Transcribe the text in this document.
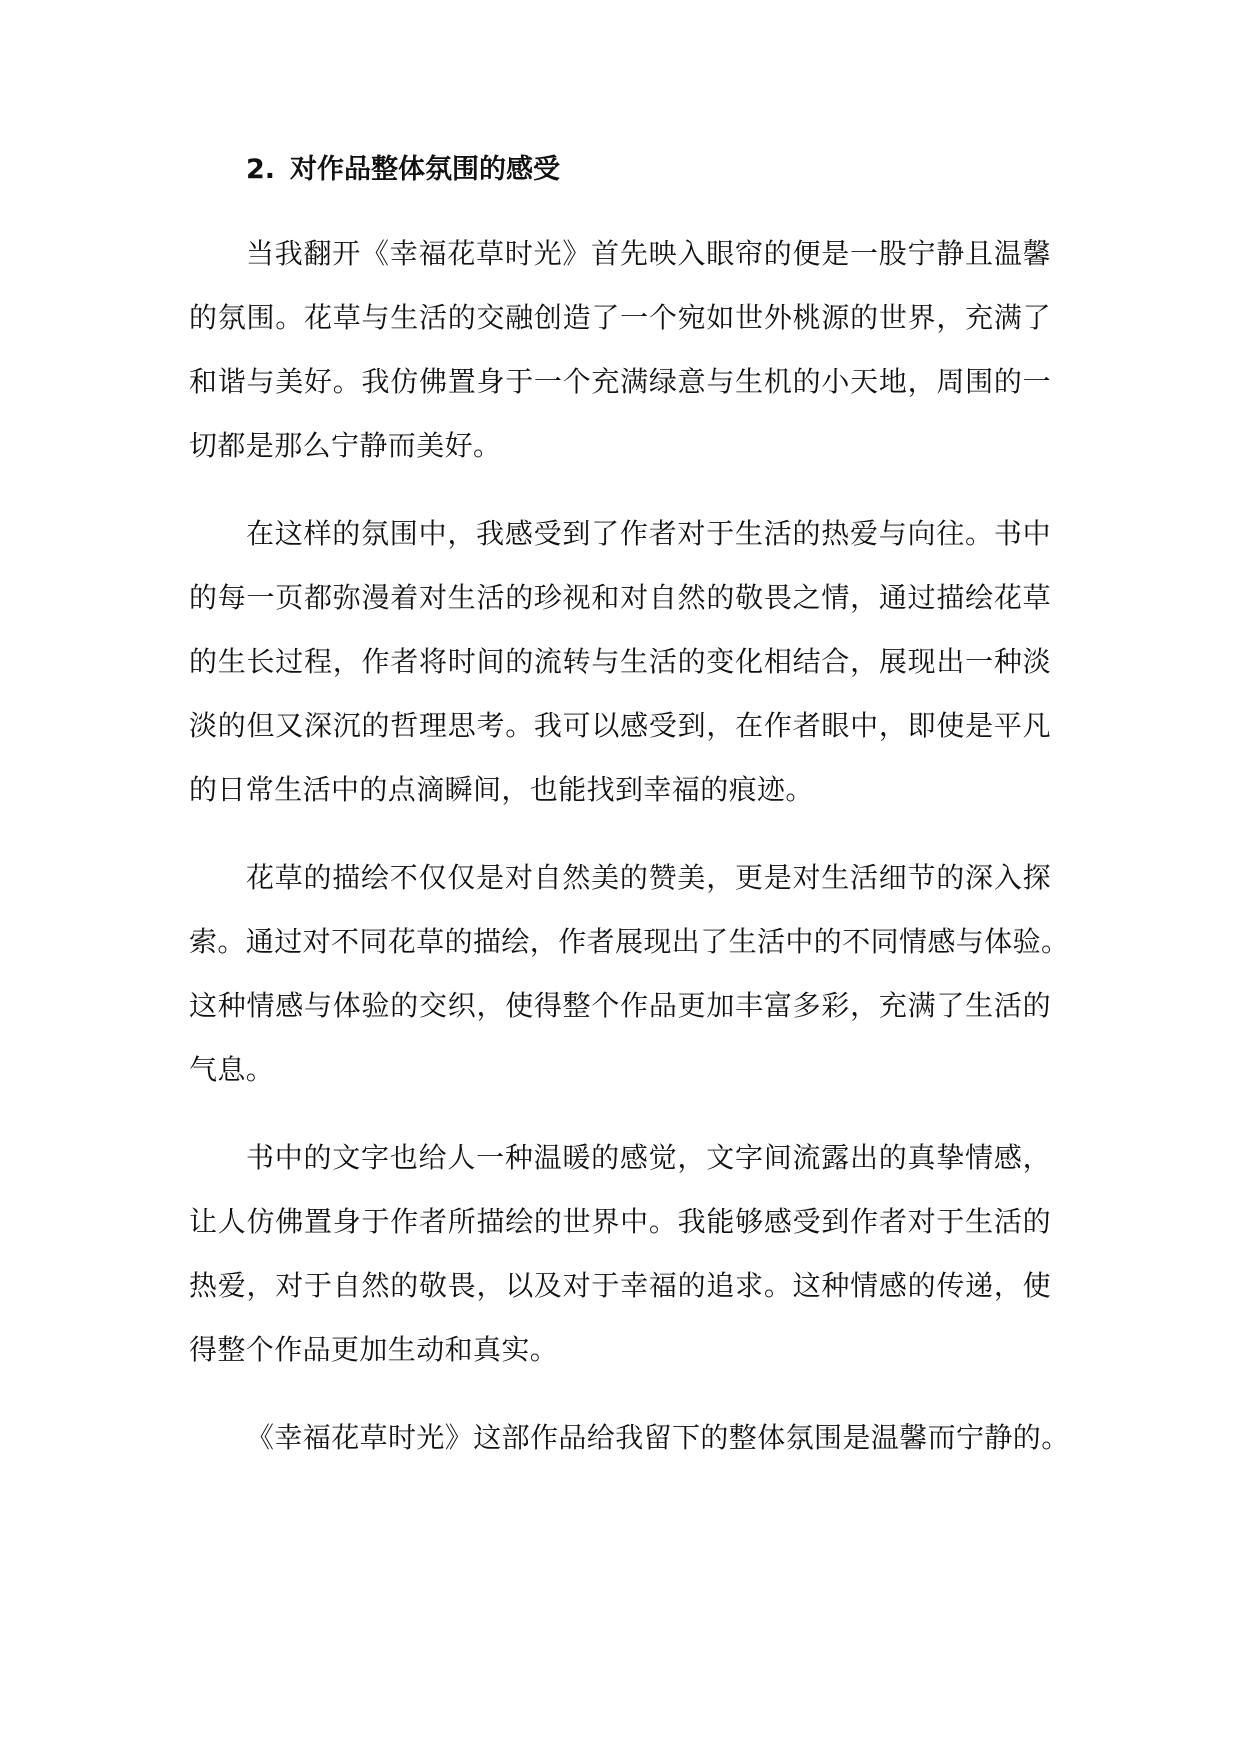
2. 对作品整体氛围的感受
当我翻开《幸福花草时光》首先映入眼帘的便是一股宁静且温馨
的氛围。花草与生活的交融创造了一个宛如世外桃源的世界，充满了
和谐与美好。我仿佛置身于一个充满绿意与生机的小天地，周围的一
切都是那么宁静而美好。
在这样的氛围中，我感受到了作者对于生活的热爱与向往。书中
的每一页都弥漫着对生活的珍视和对自然的敬畏之情，通过描绘花草
的生长过程，作者将时间的流转与生活的变化相结合，展现出一种淡
淡的但又深沉的哲理思考。我可以感受到，在作者眼中，即使是平凡
的日常生活中的点滴瞬间，也能找到幸福的痕迹。
花草的描绘不仅仅是对自然美的赞美，更是对生活细节的深入探
索。通过对不同花草的描绘，作者展现出了生活中的不同情感与体验。
这种情感与体验的交织，使得整个作品更加丰富多彩，充满了生活的
气息。
书中的文字也给人一种温暖的感觉，文字间流露出的真挚情感，
让人仿佛置身于作者所描绘的世界中。我能够感受到作者对于生活的
热爱，对于自然的敬畏，以及对于幸福的追求。这种情感的传递，使
得整个作品更加生动和真实。
《幸福花草时光》这部作品给我留下的整体氛围是温馨而宁静的。
